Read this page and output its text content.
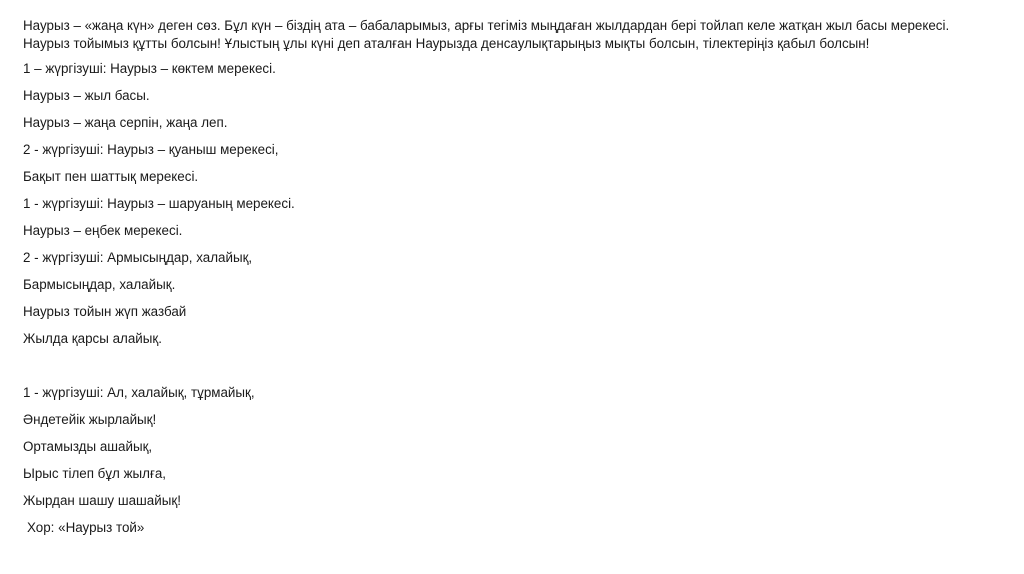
Наурыз – «жаңа күн» деген сөз. Бұл күн – біздің ата – бабаларымыз, арғы тегіміз мыңдаған жылдардан бері тойлап келе жатқан жыл басы мерекесі.
Наурыз тойымыз құтты болсын! Ұлыстың ұлы күні деп аталған Наурызда денсаулықтарыңыз мықты болсын, тілектеріңіз қабыл болсын!

1 – жүргізуші: Наурыз – көктем мерекесі.

Наурыз – жыл басы.

Наурыз – жаңа серпін, жаңа леп.

2 - жүргізуші: Наурыз – қуаныш мерекесі,

Бақыт пен шаттық мерекесі.

1 - жүргізуші: Наурыз – шаруаның мерекесі.

Наурыз – еңбек мерекесі.

2 - жүргізуші: Армысыңдар, халайық,

Бармысыңдар, халайық.

Наурыз тойын жүп жазбай

Жылда қарсы алайық.

1 - жүргізуші: Ал, халайық, тұрмайық,

Әндетейік жырлайық!

Ортамызды ашайық,

Ырыс тілеп бұл жылға,

Жырдан шашу шашайық!

Хор: «Наурыз той»
